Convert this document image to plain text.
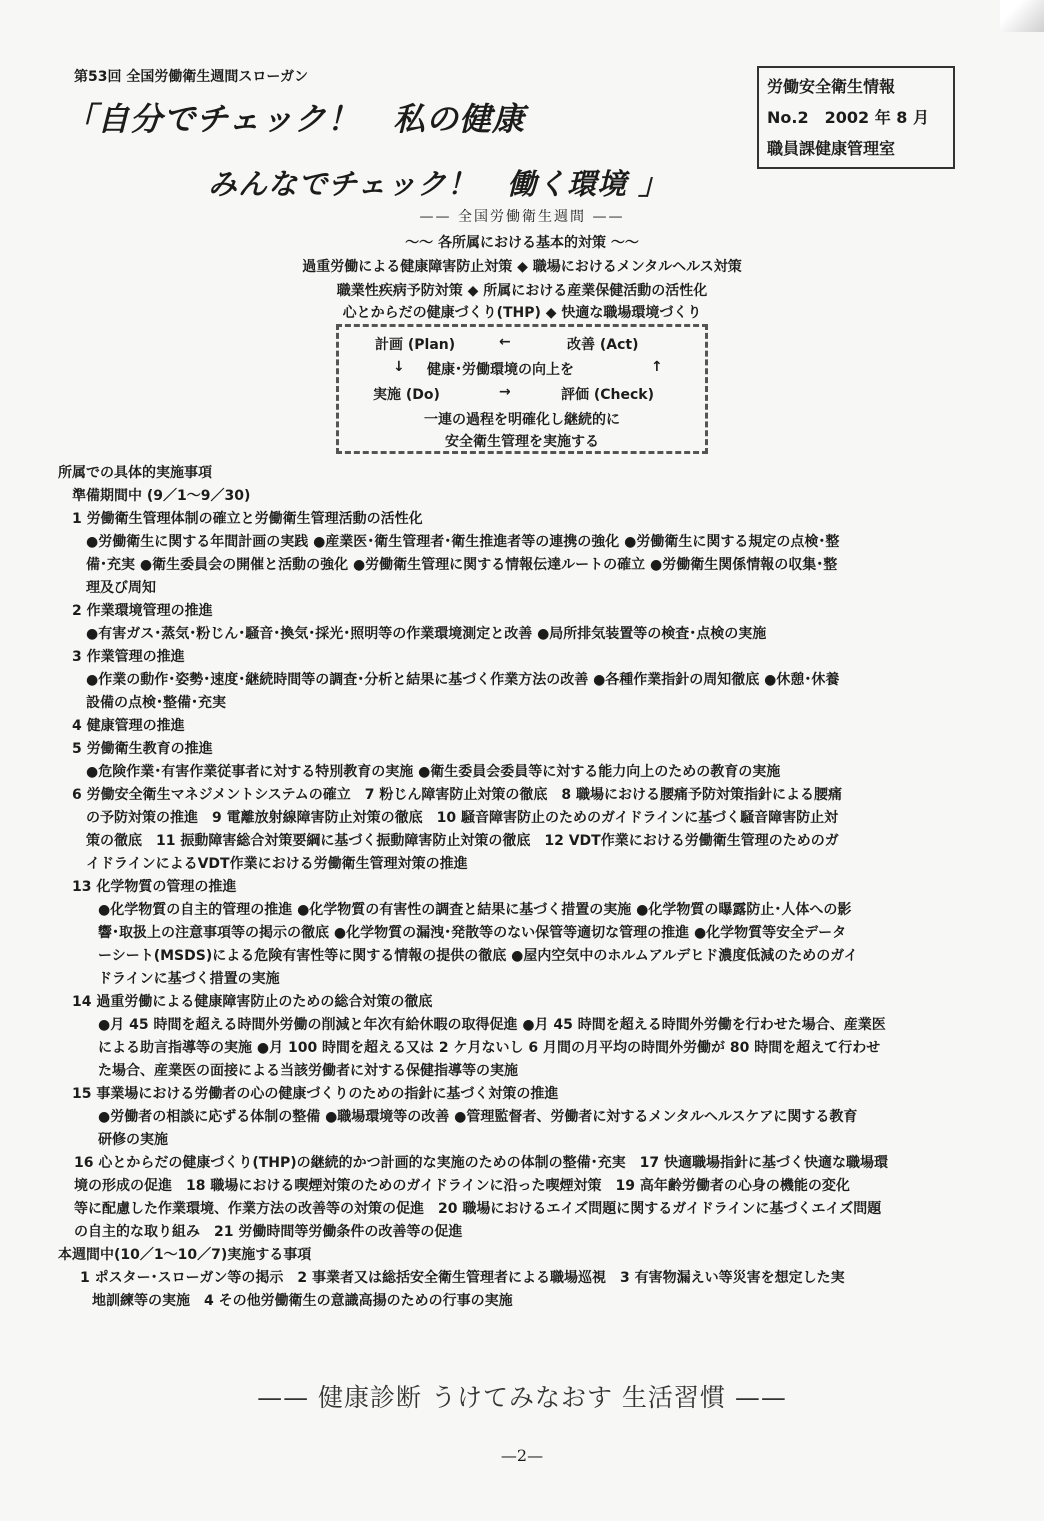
第53回 全国労働衛生週間スローガン
「自分でチェック！　私の健康
みんなでチェック！　働く環境 」
労働安全衛生情報
No.2　2002 年 8 月
職員課健康管理室
—— 全国労働衛生週間 ——
〜〜 各所属における基本的対策 〜〜
過重労働による健康障害防止対策 ◆ 職場におけるメンタルヘルス対策
職業性疾病予防対策 ◆ 所属における産業保健活動の活性化
心とからだの健康づくり(THP) ◆ 快適な職場環境づくり
計画 (Plan)	←	改善 (Act)
↓ 健康･労働環境の向上を	↑
実施 (Do)	→	評価 (Check)
一連の過程を明確化し継続的に
安全衛生管理を実施する
所属での具体的実施事項
準備期間中 (9／1〜9／30)
1 労働衛生管理体制の確立と労働衛生管理活動の活性化
●労働衛生に関する年間計画の実践 ●産業医･衛生管理者･衛生推進者等の連携の強化 ●労働衛生に関する規定の点検･整
備･充実 ●衛生委員会の開催と活動の強化 ●労働衛生管理に関する情報伝達ルートの確立 ●労働衛生関係情報の収集･整
理及び周知
2 作業環境管理の推進
●有害ガス･蒸気･粉じん･騒音･換気･採光･照明等の作業環境測定と改善 ●局所排気装置等の検査･点検の実施
3 作業管理の推進
●作業の動作･姿勢･速度･継続時間等の調査･分析と結果に基づく作業方法の改善 ●各種作業指針の周知徹底 ●休憩･休養
設備の点検･整備･充実
4 健康管理の推進
5 労働衛生教育の推進
●危険作業･有害作業従事者に対する特別教育の実施 ●衛生委員会委員等に対する能力向上のための教育の実施
6 労働安全衛生マネジメントシステムの確立　7 粉じん障害防止対策の徹底　8 職場における腰痛予防対策指針による腰痛
の予防対策の推進　9 電離放射線障害防止対策の徹底　10 騒音障害防止のためのガイドラインに基づく騒音障害防止対
策の徹底　11 振動障害総合対策要綱に基づく振動障害防止対策の徹底　12 VDT作業における労働衛生管理のためのガ
イドラインによるVDT作業における労働衛生管理対策の推進
13 化学物質の管理の推進
●化学物質の自主的管理の推進 ●化学物質の有害性の調査と結果に基づく措置の実施 ●化学物質の曝露防止･人体への影
響･取扱上の注意事項等の掲示の徹底 ●化学物質の漏洩･発散等のない保管等適切な管理の推進 ●化学物質等安全データ
ーシート(MSDS)による危険有害性等に関する情報の提供の徹底 ●屋内空気中のホルムアルデヒド濃度低減のためのガイ
ドラインに基づく措置の実施
14 過重労働による健康障害防止のための総合対策の徹底
●月 45 時間を超える時間外労働の削減と年次有給休暇の取得促進 ●月 45 時間を超える時間外労働を行わせた場合、産業医
による助言指導等の実施 ●月 100 時間を超える又は 2 ケ月ないし 6 月間の月平均の時間外労働が 80 時間を超えて行わせ
た場合、産業医の面接による当該労働者に対する保健指導等の実施
15 事業場における労働者の心の健康づくりのための指針に基づく対策の推進
●労働者の相談に応ずる体制の整備 ●職場環境等の改善 ●管理監督者、労働者に対するメンタルヘルスケアに関する教育
研修の実施
16 心とからだの健康づくり(THP)の継続的かつ計画的な実施のための体制の整備･充実　17 快適職場指針に基づく快適な職場環
境の形成の促進　18 職場における喫煙対策のためのガイドラインに沿った喫煙対策　19 高年齢労働者の心身の機能の変化
等に配慮した作業環境、作業方法の改善等の対策の促進　20 職場におけるエイズ問題に関するガイドラインに基づくエイズ問題
の自主的な取り組み　21 労働時間等労働条件の改善等の促進
本週間中(10／1〜10／7)実施する事項
1 ポスター･スローガン等の掲示　2 事業者又は総括安全衛生管理者による職場巡視　3 有害物漏えい等災害を想定した実
地訓練等の実施　4 その他労働衛生の意識高揚のための行事の実施
—— 健康診断 うけてみなおす 生活習慣 ——
—2—
